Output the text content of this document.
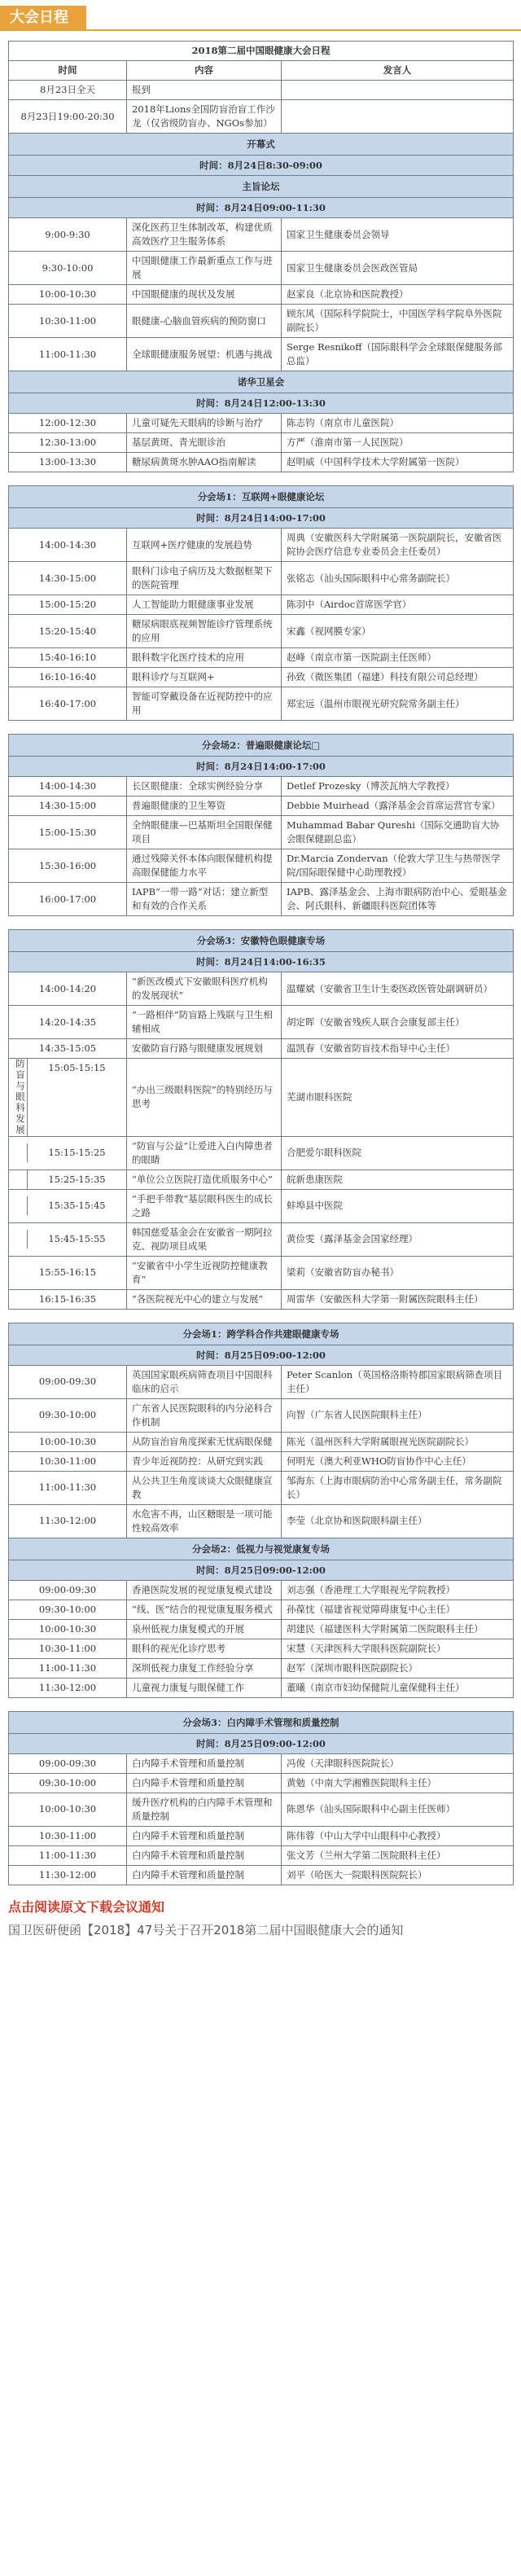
大会日程
2018第二届中国眼健康大会日程		
时间	内容	发言人
8月23日全天	报到	
8月23日19:00-20:30	2018年Lions全国防盲治盲工作沙龙（仅省级防盲办、NGOs参加）	
开幕式		
时间：8月24日8:30-09:00		
主旨论坛		
时间：8月24日09:00-11:30		
9:00-9:30	深化医药卫生体制改革，构建优质高效医疗卫生服务体系	国家卫生健康委员会领导
9:30-10:00	中国眼健康工作最新重点工作与进展	国家卫生健康委员会医政医管局
10:00-10:30	中国眼健康的现状及发展	赵家良（北京协和医院教授）
10:30-11:00	眼健康-心脑血管疾病的预防窗口	顾东风（国际科学院院士，中国医学科学院阜外医院副院长）
11:00-11:30	全球眼健康服务展望：机遇与挑战	Serge Resnikoff（国际眼科学会全球眼保健服务部总监）
诺华卫星会		
时间：8月24日12:00-13:30		
12:00-12:30	儿童可疑先天眼病的诊断与治疗	陈志钧（南京市儿童医院）
12:30-13:00	基层黄斑、青光眼诊治	方严（淮南市第一人民医院）
13:00-13:30	糖尿病黄斑水肿AAO指南解读	赵明威（中国科学技术大学附属第一医院）

分会场1：互联网+眼健康论坛		
时间：8月24日14:00-17:00		
14:00-14:30	互联网+医疗健康的发展趋势	周典（安徽医科大学附属第一医院副院长，安徽省医院协会医疗信息专业委员会主任委员）
14:30-15:00	眼科门诊电子病历及大数据框架下的医院管理	张铭志（汕头国际眼科中心常务副院长）
15:00-15:20	人工智能助力眼健康事业发展	陈羽中（Airdoc首席医学官）
15:20-15:40	糖尿病眼底视频智能诊疗管理系统的应用	宋鑫（视网膜专家）
15:40-16:10	眼科数字化医疗技术的应用	赵峰（南京市第一医院副主任医师）
16:10-16:40	眼科诊疗与互联网+	孙致（微医集团（福建）科技有限公司总经理）
16:40-17:00	智能可穿戴设备在近视防控中的应用	郑宏远（温州市眼视光研究院常务副主任）

分会场2：普遍眼健康论坛□		
时间：8月24日14:00-17:00		
14:00-14:30	长区眼健康：全球实例经验分享	Detlef Prozesky（博茨瓦纳大学教授）
14:30-15:00	普遍眼健康的卫生筹资	Debbie Muirhead（露泽基金会首席运营官专家）
15:00-15:30	全纳眼健康—巴基斯坦全国眼保健项目	Muhammad Babar Qureshi（国际交通助盲大协会眼保健副总监）
15:30-16:00	通过残障关怀本体向眼保健机构提高眼保健能力水平	Dr.Marcia Zondervan（伦敦大学卫生与热带医学院/国际眼保健中心助理教授）
16:00-17:00	IAPB“一带一路”对话：建立新型和有效的合作关系	IAPB、露泽基金会、上海市眼病防治中心、爱眼基金会、阿氏眼科、新疆眼科医院团体等

分会场3：安徽特色眼健康专场		
时间：8月24日14:00-16:35		
14:00-14:20	“新医改模式下安徽眼科医疗机构的发展现状”	温耀斌（安徽省卫生计生委医政医管处副调研员）
14:20-14:35	“一路相伴”防盲路上残联与卫生相辅相成	胡定晖（安徽省残疾人联合会康复部主任）
14:35-15:05	安徽防盲行路与眼健康发展规划	温凯春（安徽省防盲技术指导中心主任）

防盲与眼科发展 15:05-15:15	“办出三级眼科医院”的特别经历与思考	芜湖市眼科医院

15:15-15:25	“防盲与公益”让爱进入白内障患者的眼睛	合肥爱尔眼科医院

15:25-15:35	“单位公立医院打造优质服务中心”	皖新患康医院

15:35-15:45	“手把手带教”基层眼科医生的成长之路	蚌埠县中医院

15:45-15:55	韩国慈爱基金会在安徽省一期阿拉克、视防项目成果	黄俭雯（露泽基金会国家经理）
15:55-16:15	“安徽省中小学生近视防控健康教育”	梁莉（安徽省防盲办秘书）
16:15-16:35	“各医院视光中心的建立与发展”	周雷华（安徽医科大学第一附属医院眼科主任）

分会场1：跨学科合作共建眼健康专场		
时间：8月25日09:00-12:00		
09:00-09:30	英国国家眼疾病筛查项目中国眼科临床的启示	Peter Scanlon（英国格洛斯特郡国家眼病筛查项目主任）
09:30-10:00	广东省人民医院眼科的内分泌科合作机制	向智（广东省人民医院眼科主任）
10:00-10:30	从防盲治盲角度探索无忧病眼保健	陈光（温州医科大学附属眼视光医院副院长）
10:30-11:00	青少年近视防控：从研究到实践	何明光（澳大利亚WHO防盲协作中心主任）
11:00-11:30	从公共卫生角度谈谈大众眼健康宣教	邹海东（上海市眼病防治中心常务副主任，常务副院长）
11:30-12:00	水危害不再，山区糖眼是一项可能性较高效率	李莹（北京协和医院眼科副主任）
分会场2：低视力与视觉康复专场		
时间：8月25日09:00-12:00		
09:00-09:30	香港医院发展的视觉康复模式建设	刘志强（香港理工大学眼视光学院教授）
09:30-10:00	“线、医”结合的视觉康复服务模式	孙葆忱（福建省视觉障碍康复中心主任）
10:00-10:30	泉州低视力康复模式的开展	胡建民（福建医科大学附属第二医院眼科主任）
10:30-11:00	眼科的视光化诊疗思考	宋慧（天津医科大学眼科医院副院长）
11:00-11:30	深圳低视力康复工作经验分享	赵军（深圳市眼科医院副院长）
11:30-12:00	儿童视力康复与眼保健工作	董曦（南京市妇幼保健院儿童保健科主任）

分会场3：白内障手术管理和质量控制		
时间：8月25日09:00-12:00		
09:00-09:30	白内障手术管理和质量控制	冯俊（天津眼科医院院长）
09:30-10:00	白内障手术管理和质量控制	黄勉（中南大学湘雅医院眼科主任）
10:00-10:30	缓升医疗机构的白内障手术管理和质量控制	陈恩华（汕头国际眼科中心副主任医师）
10:30-11:00	白内障手术管理和质量控制	陈伟蓉（中山大学中山眼科中心教授）
11:00-11:30	白内障手术管理和质量控制	张文芳（兰州大学第二医院眼科主任）
11:30-12:00	白内障手术管理和质量控制	刘平（哈医大一院眼科医院院长）
点击阅读原文下载会议通知
国卫医研便函【2018】47号关于召开2018第二届中国眼健康大会的通知
